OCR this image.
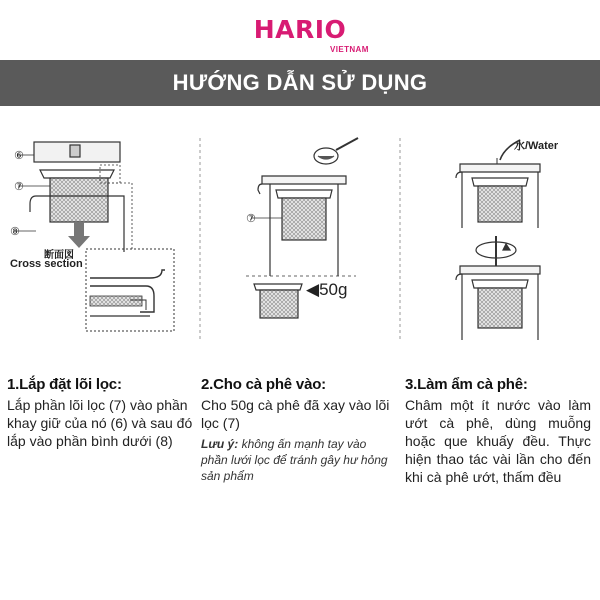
HARIO
VIETNAM
HƯỚNG DẪN SỬ DỤNG
⑥
⑦
⑧
断面図
Cross section
⑦
◀50g
水/Water
1.Lắp đặt lõi lọc:
Lắp phần lõi lọc (7) vào phần khay giữ của nó (6) và sau đó lắp vào phần bình dưới (8)
2.Cho cà phê vào:
Cho 50g cà phê đã xay vào lõi lọc (7)
Lưu ý: không ấn mạnh tay vào phần lưới lọc để tránh gây hư hỏng sản phẩm
3.Làm ẩm cà phê:
Châm một ít nước vào làm ướt cà phê, dùng muỗng hoặc que khuấy đều. Thực hiện thao tác vài lần cho đến khi cà phê ướt, thấm đều
